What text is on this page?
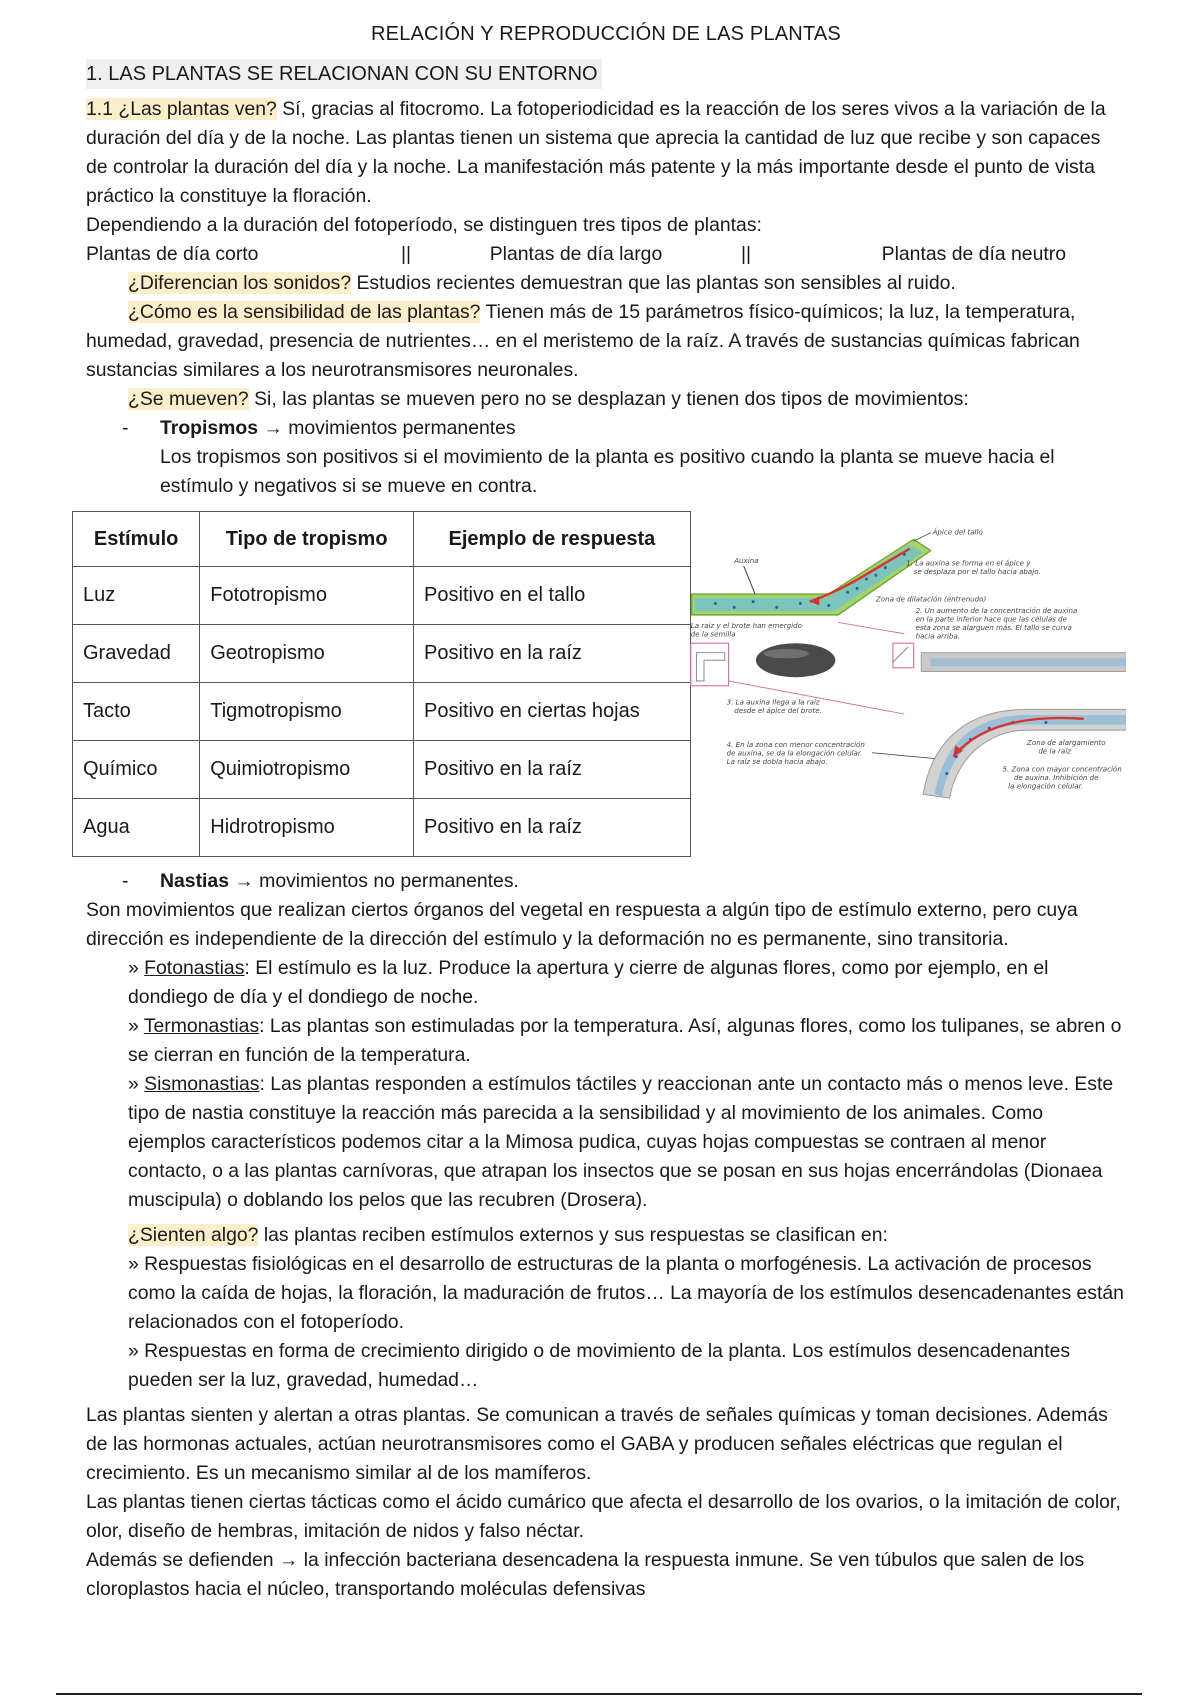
RELACIÓN Y REPRODUCCIÓN DE LAS PLANTAS
1. LAS PLANTAS SE RELACIONAN CON SU ENTORNO

1.1 ¿Las plantas ven? Sí, gracias al fitocromo. La fotoperiodicidad es la reacción de los seres vivos a la variación de la duración del día y de la noche. Las plantas tienen un sistema que aprecia la cantidad de luz que recibe y son capaces de controlar la duración del día y la noche. La manifestación más patente y la más importante desde el punto de vista práctico la constituye la floración.

Dependiendo a la duración del fotoperíodo, se distinguen tres tipos de plantas:

Plantas de día corto	||	Plantas de día largo	||	Plantas de día neutro

¿Diferencian los sonidos? Estudios recientes demuestran que las plantas son sensibles al ruido.

¿Cómo es la sensibilidad de las plantas? Tienen más de 15 parámetros físico-químicos; la luz, la temperatura, humedad, gravedad, presencia de nutrientes… en el meristemo de la raíz. A través de sustancias químicas fabrican sustancias similares a los neurotransmisores neuronales.

¿Se mueven? Si, las plantas se mueven pero no se desplazan y tienen dos tipos de movimientos:

-	Tropismos → movimientos permanentes

Los tropismos son positivos si el movimiento de la planta es positivo cuando la planta se mueve hacia el estímulo y negativos si se mueve en contra.

Estímulo	Tipo de tropismo	Ejemplo de respuesta
Luz	Fototropismo	Positivo en el tallo
Gravedad	Geotropismo	Positivo en la raíz
Tacto	Tigmotropismo	Positivo en ciertas hojas
Químico	Quimiotropismo	Positivo en la raíz
Agua	Hidrotropismo	Positivo en la raíz
Auxina
Ápice del tallo
1. La auxina se forma en el ápice y
se desplaza por el tallo hacia abajo.
Zona de dilatación (entrenudo)
2. Un aumento de la concentración de auxina
en la parte inferior hace que las células de
esta zona se alarguen más. El tallo se curva
hacia arriba.
La raíz y el brote han emergido
de la semilla
3. La auxina llega a la raíz
desde el ápice del brote.
4. En la zona con menor concentración
de auxina, se da la elongación celular.
La raíz se dobla hacia abajo.
Zona de alargamiento
de la raíz
5. Zona con mayor concentración
de auxina. Inhibición de
la elongación celular.
-	Nastias → movimientos no permanentes.

Son movimientos que realizan ciertos órganos del vegetal en respuesta a algún tipo de estímulo externo, pero cuya dirección es independiente de la dirección del estímulo y la deformación no es permanente, sino transitoria.

» Fotonastias: El estímulo es la luz. Produce la apertura y cierre de algunas flores, como por ejemplo, en el dondiego de día y el dondiego de noche.

» Termonastias: Las plantas son estimuladas por la temperatura. Así, algunas flores, como los tulipanes, se abren o se cierran en función de la temperatura.

» Sismonastias: Las plantas responden a estímulos táctiles y reaccionan ante un contacto más o menos leve. Este tipo de nastia constituye la reacción más parecida a la sensibilidad y al movimiento de los animales. Como ejemplos característicos podemos citar a la Mimosa pudica, cuyas hojas compuestas se contraen al menor contacto, o a las plantas carnívoras, que atrapan los insectos que se posan en sus hojas encerrándolas (Dionaea muscipula) o doblando los pelos que las recubren (Drosera).

¿Sienten algo? las plantas reciben estímulos externos y sus respuestas se clasifican en:

» Respuestas fisiológicas en el desarrollo de estructuras de la planta o morfogénesis. La activación de procesos como la caída de hojas, la floración, la maduración de frutos… La mayoría de los estímulos desencadenantes están relacionados con el fotoperíodo.

» Respuestas en forma de crecimiento dirigido o de movimiento de la planta. Los estímulos desencadenantes pueden ser la luz, gravedad, humedad…

Las plantas sienten y alertan a otras plantas. Se comunican a través de señales químicas y toman decisiones. Además de las hormonas actuales, actúan neurotransmisores como el GABA y producen señales eléctricas que regulan el crecimiento. Es un mecanismo similar al de los mamíferos.

Las plantas tienen ciertas tácticas como el ácido cumárico que afecta el desarrollo de los ovarios, o la imitación de color, olor, diseño de hembras, imitación de nidos y falso néctar.

Además se defienden → la infección bacteriana desencadena la respuesta inmune. Se ven túbulos que salen de los cloroplastos hacia el núcleo, transportando moléculas defensivas
